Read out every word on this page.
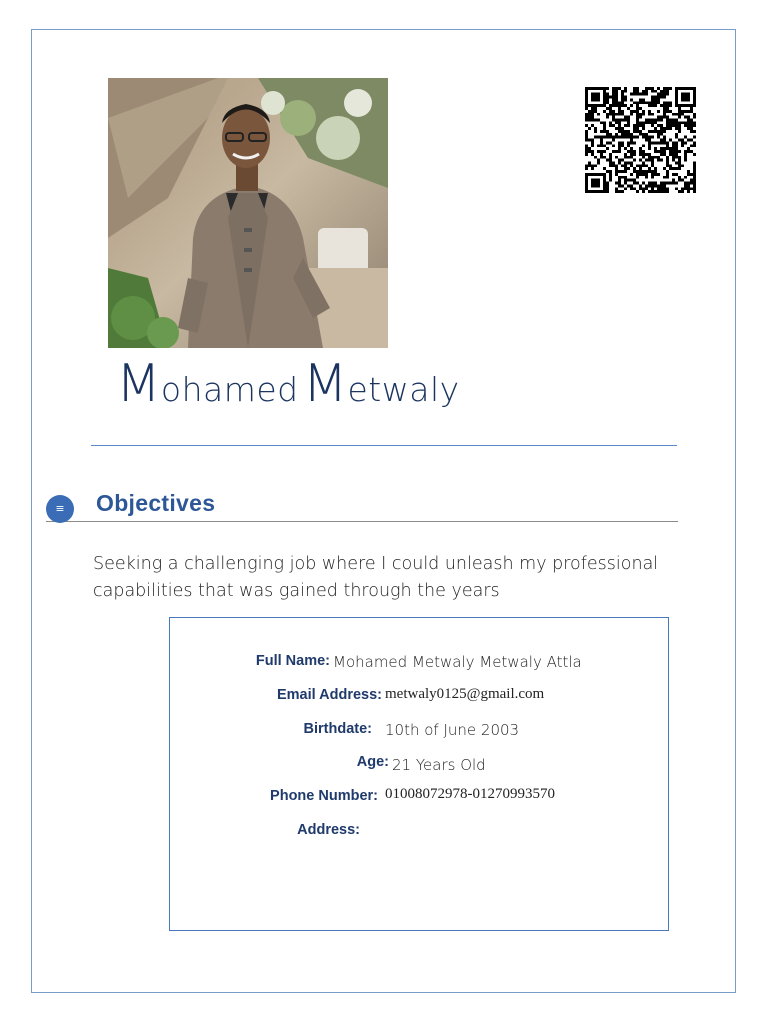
M ohamed M etwaly
≡	Objectives
Seeking a challenging job where I could unleash my professional capabilities that was gained through the years
Full Name: Mohamed Metwaly Metwaly Attla
Email Address: metwaly0125@gmail.com
Birthdate: 10th of June 2003
Age: 21 Years Old
Phone Number: 01008072978-01270993570
Address:
